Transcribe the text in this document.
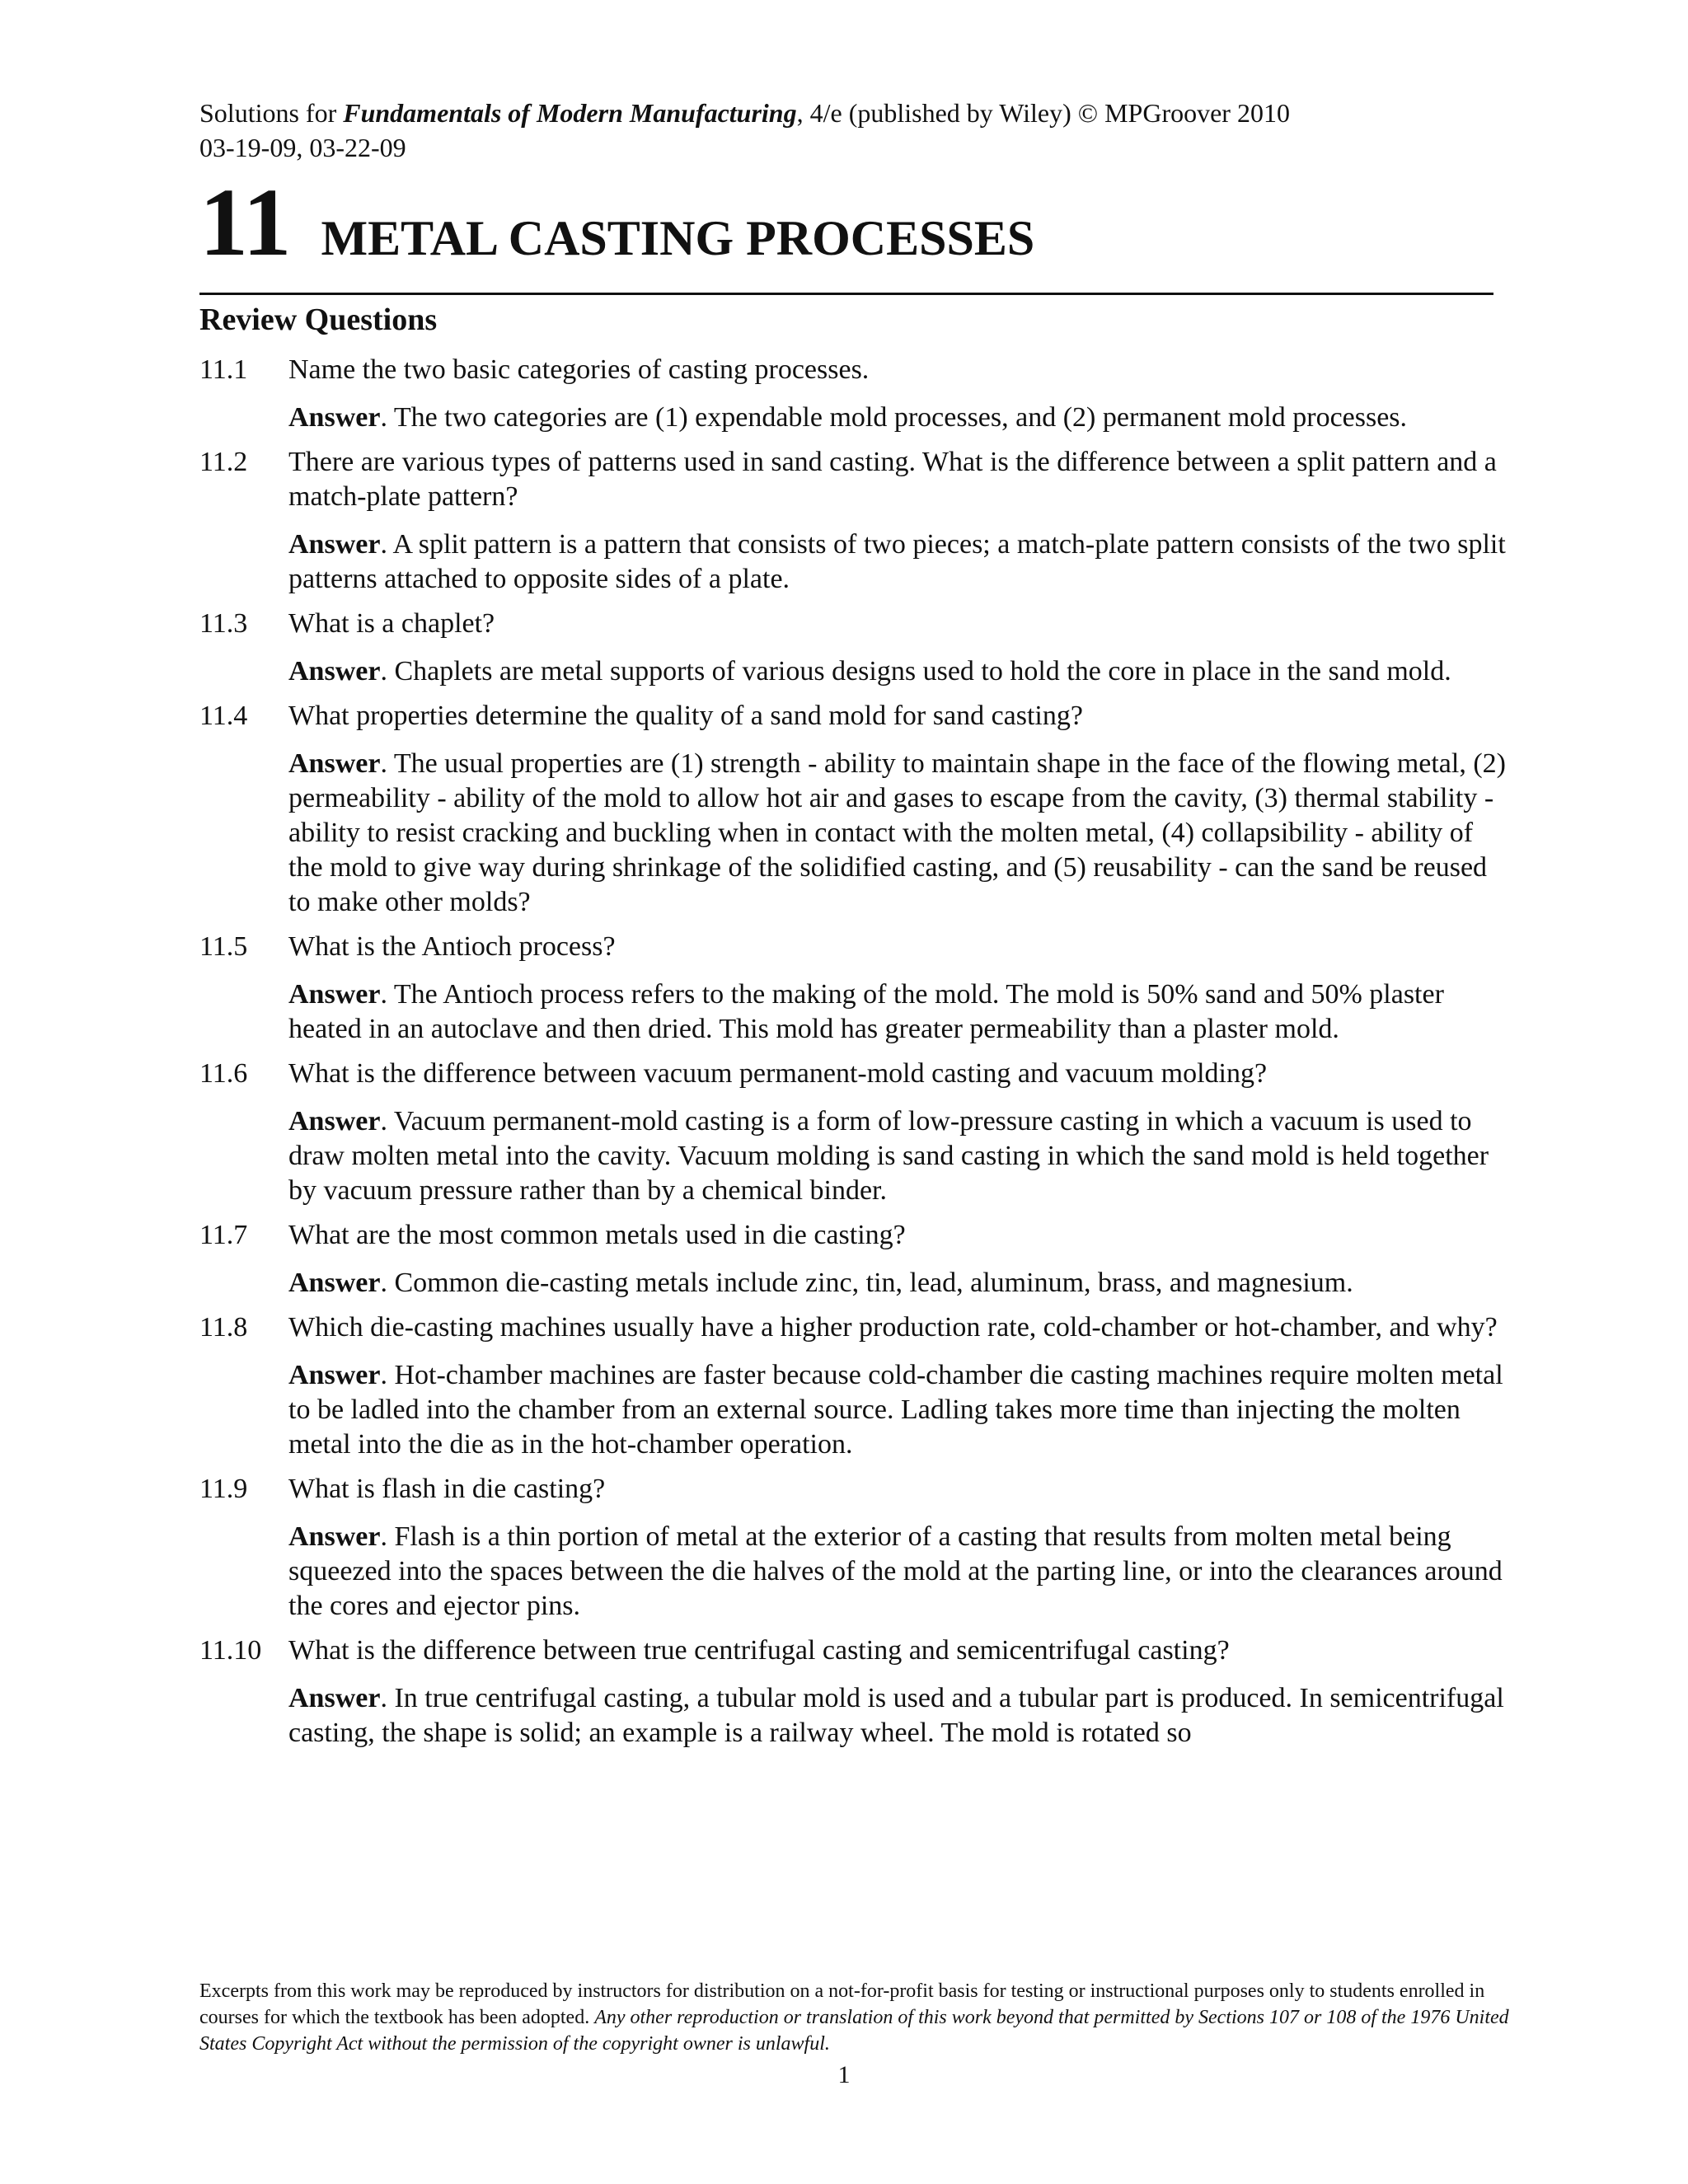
Solutions for Fundamentals of Modern Manufacturing, 4/e (published by Wiley) © MPGroover 2010
03-19-09, 03-22-09
11 METAL CASTING PROCESSES
Review Questions
11.1 Name the two basic categories of casting processes.
Answer. The two categories are (1) expendable mold processes, and (2) permanent mold processes.
11.2 There are various types of patterns used in sand casting. What is the difference between a split pattern and a match-plate pattern?
Answer. A split pattern is a pattern that consists of two pieces; a match-plate pattern consists of the two split patterns attached to opposite sides of a plate.
11.3 What is a chaplet?
Answer. Chaplets are metal supports of various designs used to hold the core in place in the sand mold.
11.4 What properties determine the quality of a sand mold for sand casting?
Answer. The usual properties are (1) strength - ability to maintain shape in the face of the flowing metal, (2) permeability - ability of the mold to allow hot air and gases to escape from the cavity, (3) thermal stability - ability to resist cracking and buckling when in contact with the molten metal, (4) collapsibility - ability of the mold to give way during shrinkage of the solidified casting, and (5) reusability - can the sand be reused to make other molds?
11.5 What is the Antioch process?
Answer. The Antioch process refers to the making of the mold. The mold is 50% sand and 50% plaster heated in an autoclave and then dried. This mold has greater permeability than a plaster mold.
11.6 What is the difference between vacuum permanent-mold casting and vacuum molding?
Answer. Vacuum permanent-mold casting is a form of low-pressure casting in which a vacuum is used to draw molten metal into the cavity. Vacuum molding is sand casting in which the sand mold is held together by vacuum pressure rather than by a chemical binder.
11.7 What are the most common metals used in die casting?
Answer. Common die-casting metals include zinc, tin, lead, aluminum, brass, and magnesium.
11.8 Which die-casting machines usually have a higher production rate, cold-chamber or hot-chamber, and why?
Answer. Hot-chamber machines are faster because cold-chamber die casting machines require molten metal to be ladled into the chamber from an external source. Ladling takes more time than injecting the molten metal into the die as in the hot-chamber operation.
11.9 What is flash in die casting?
Answer. Flash is a thin portion of metal at the exterior of a casting that results from molten metal being squeezed into the spaces between the die halves of the mold at the parting line, or into the clearances around the cores and ejector pins.
11.10 What is the difference between true centrifugal casting and semicentrifugal casting?
Answer. In true centrifugal casting, a tubular mold is used and a tubular part is produced. In semicentrifugal casting, the shape is solid; an example is a railway wheel. The mold is rotated so
Excerpts from this work may be reproduced by instructors for distribution on a not-for-profit basis for testing or instructional purposes only to students enrolled in courses for which the textbook has been adopted. Any other reproduction or translation of this work beyond that permitted by Sections 107 or 108 of the 1976 United States Copyright Act without the permission of the copyright owner is unlawful.
1
